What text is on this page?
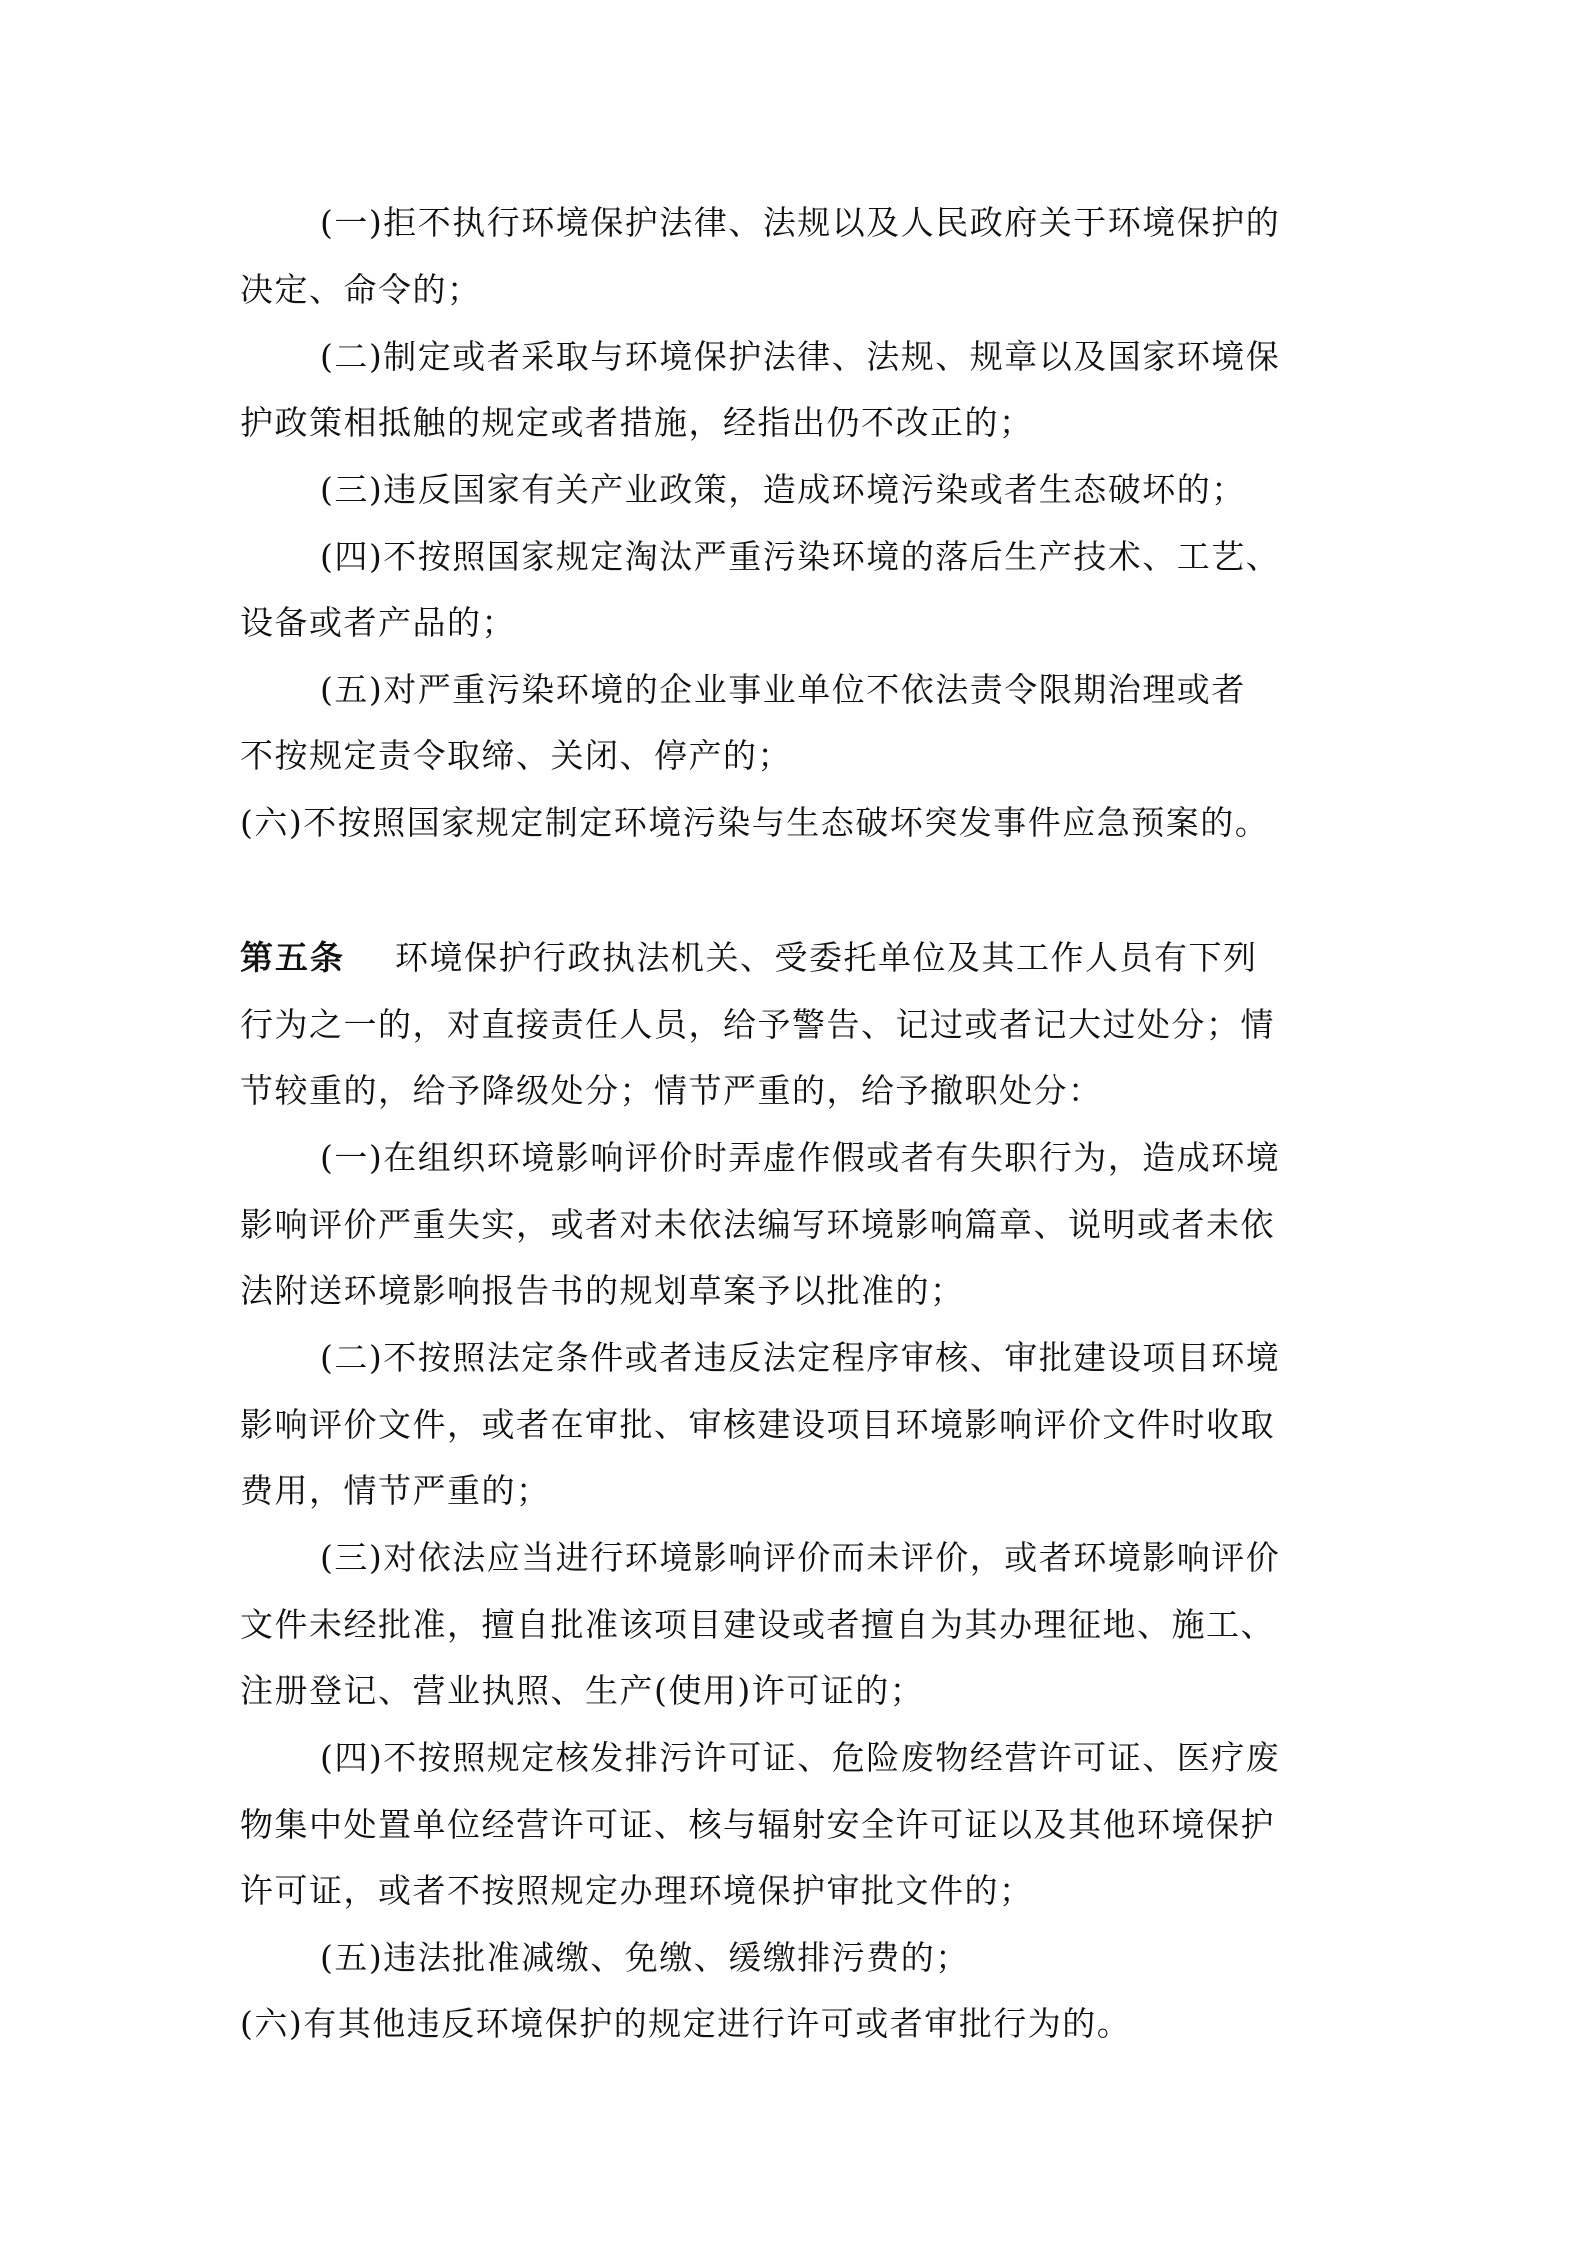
(一)拒不执行环境保护法律、法规以及人民政府关于环境保护的
决定、命令的；
(二)制定或者采取与环境保护法律、法规、规章以及国家环境保
护政策相抵触的规定或者措施，经指出仍不改正的；
(三)违反国家有关产业政策，造成环境污染或者生态破坏的；
(四)不按照国家规定淘汰严重污染环境的落后生产技术、工艺、
设备或者产品的；
(五)对严重污染环境的企业事业单位不依法责令限期治理或者
不按规定责令取缔、关闭、停产的；
(六)不按照国家规定制定环境污染与生态破坏突发事件应急预案的。
第五条 环境保护行政执法机关、受委托单位及其工作人员有下列
行为之一的，对直接责任人员，给予警告、记过或者记大过处分；情
节较重的，给予降级处分；情节严重的，给予撤职处分：
(一)在组织环境影响评价时弄虚作假或者有失职行为，造成环境
影响评价严重失实，或者对未依法编写环境影响篇章、说明或者未依
法附送环境影响报告书的规划草案予以批准的；
(二)不按照法定条件或者违反法定程序审核、审批建设项目环境
影响评价文件，或者在审批、审核建设项目环境影响评价文件时收取
费用，情节严重的；
(三)对依法应当进行环境影响评价而未评价，或者环境影响评价
文件未经批准，擅自批准该项目建设或者擅自为其办理征地、施工、
注册登记、营业执照、生产(使用)许可证的；
(四)不按照规定核发排污许可证、危险废物经营许可证、医疗废
物集中处置单位经营许可证、核与辐射安全许可证以及其他环境保护
许可证，或者不按照规定办理环境保护审批文件的；
(五)违法批准减缴、免缴、缓缴排污费的；
(六)有其他违反环境保护的规定进行许可或者审批行为的。
